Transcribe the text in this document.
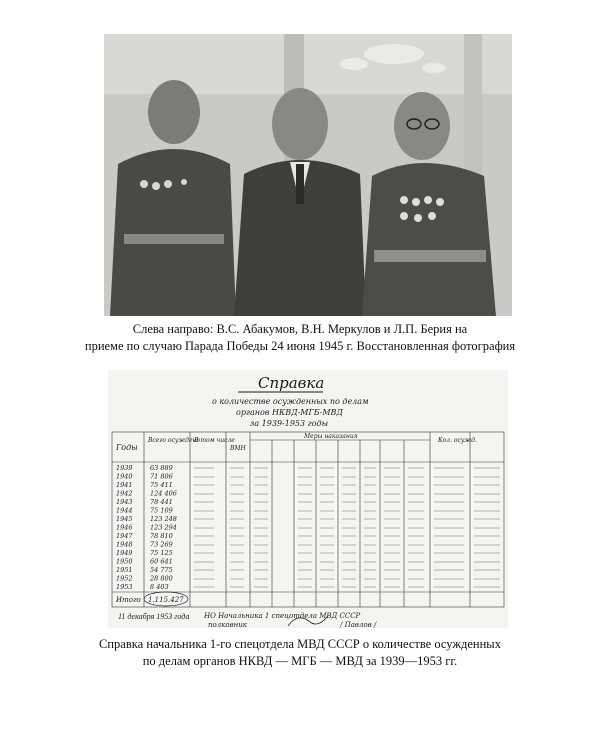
Слева направо: В.С. Абакумов, В.Н. Меркулов и Л.П. Берия на
приеме по случаю Парада Победы 24 июня 1945 г. Восстановленная фотография
Справка
о количестве осужденных по делам
органов НКВД-МГБ-МВД
за 1939-1953 годы
Годы
Всего осуждено
В том числе
ВМН
Меры наказания
Кол. осужд.
1939
1940
1941
1942
1943
1944
1945
1946
1947
1948
1949
1950
1951
1952
1953
63 889
71 806
75 411
124 406
78 441
75 109
123 248
123 294
78 810
73 269
75 125
60 641
54 775
28 800
8 403
Итого 1.115.427
НО Начальника 1 спецотдела МВД СССР
полковник	/ Павлов /
11 декабря 1953 года
Справка начальника 1-го спецотдела МВД СССР о количестве осужденных
по делам органов НКВД — МГБ — МВД за 1939—1953 гг.
